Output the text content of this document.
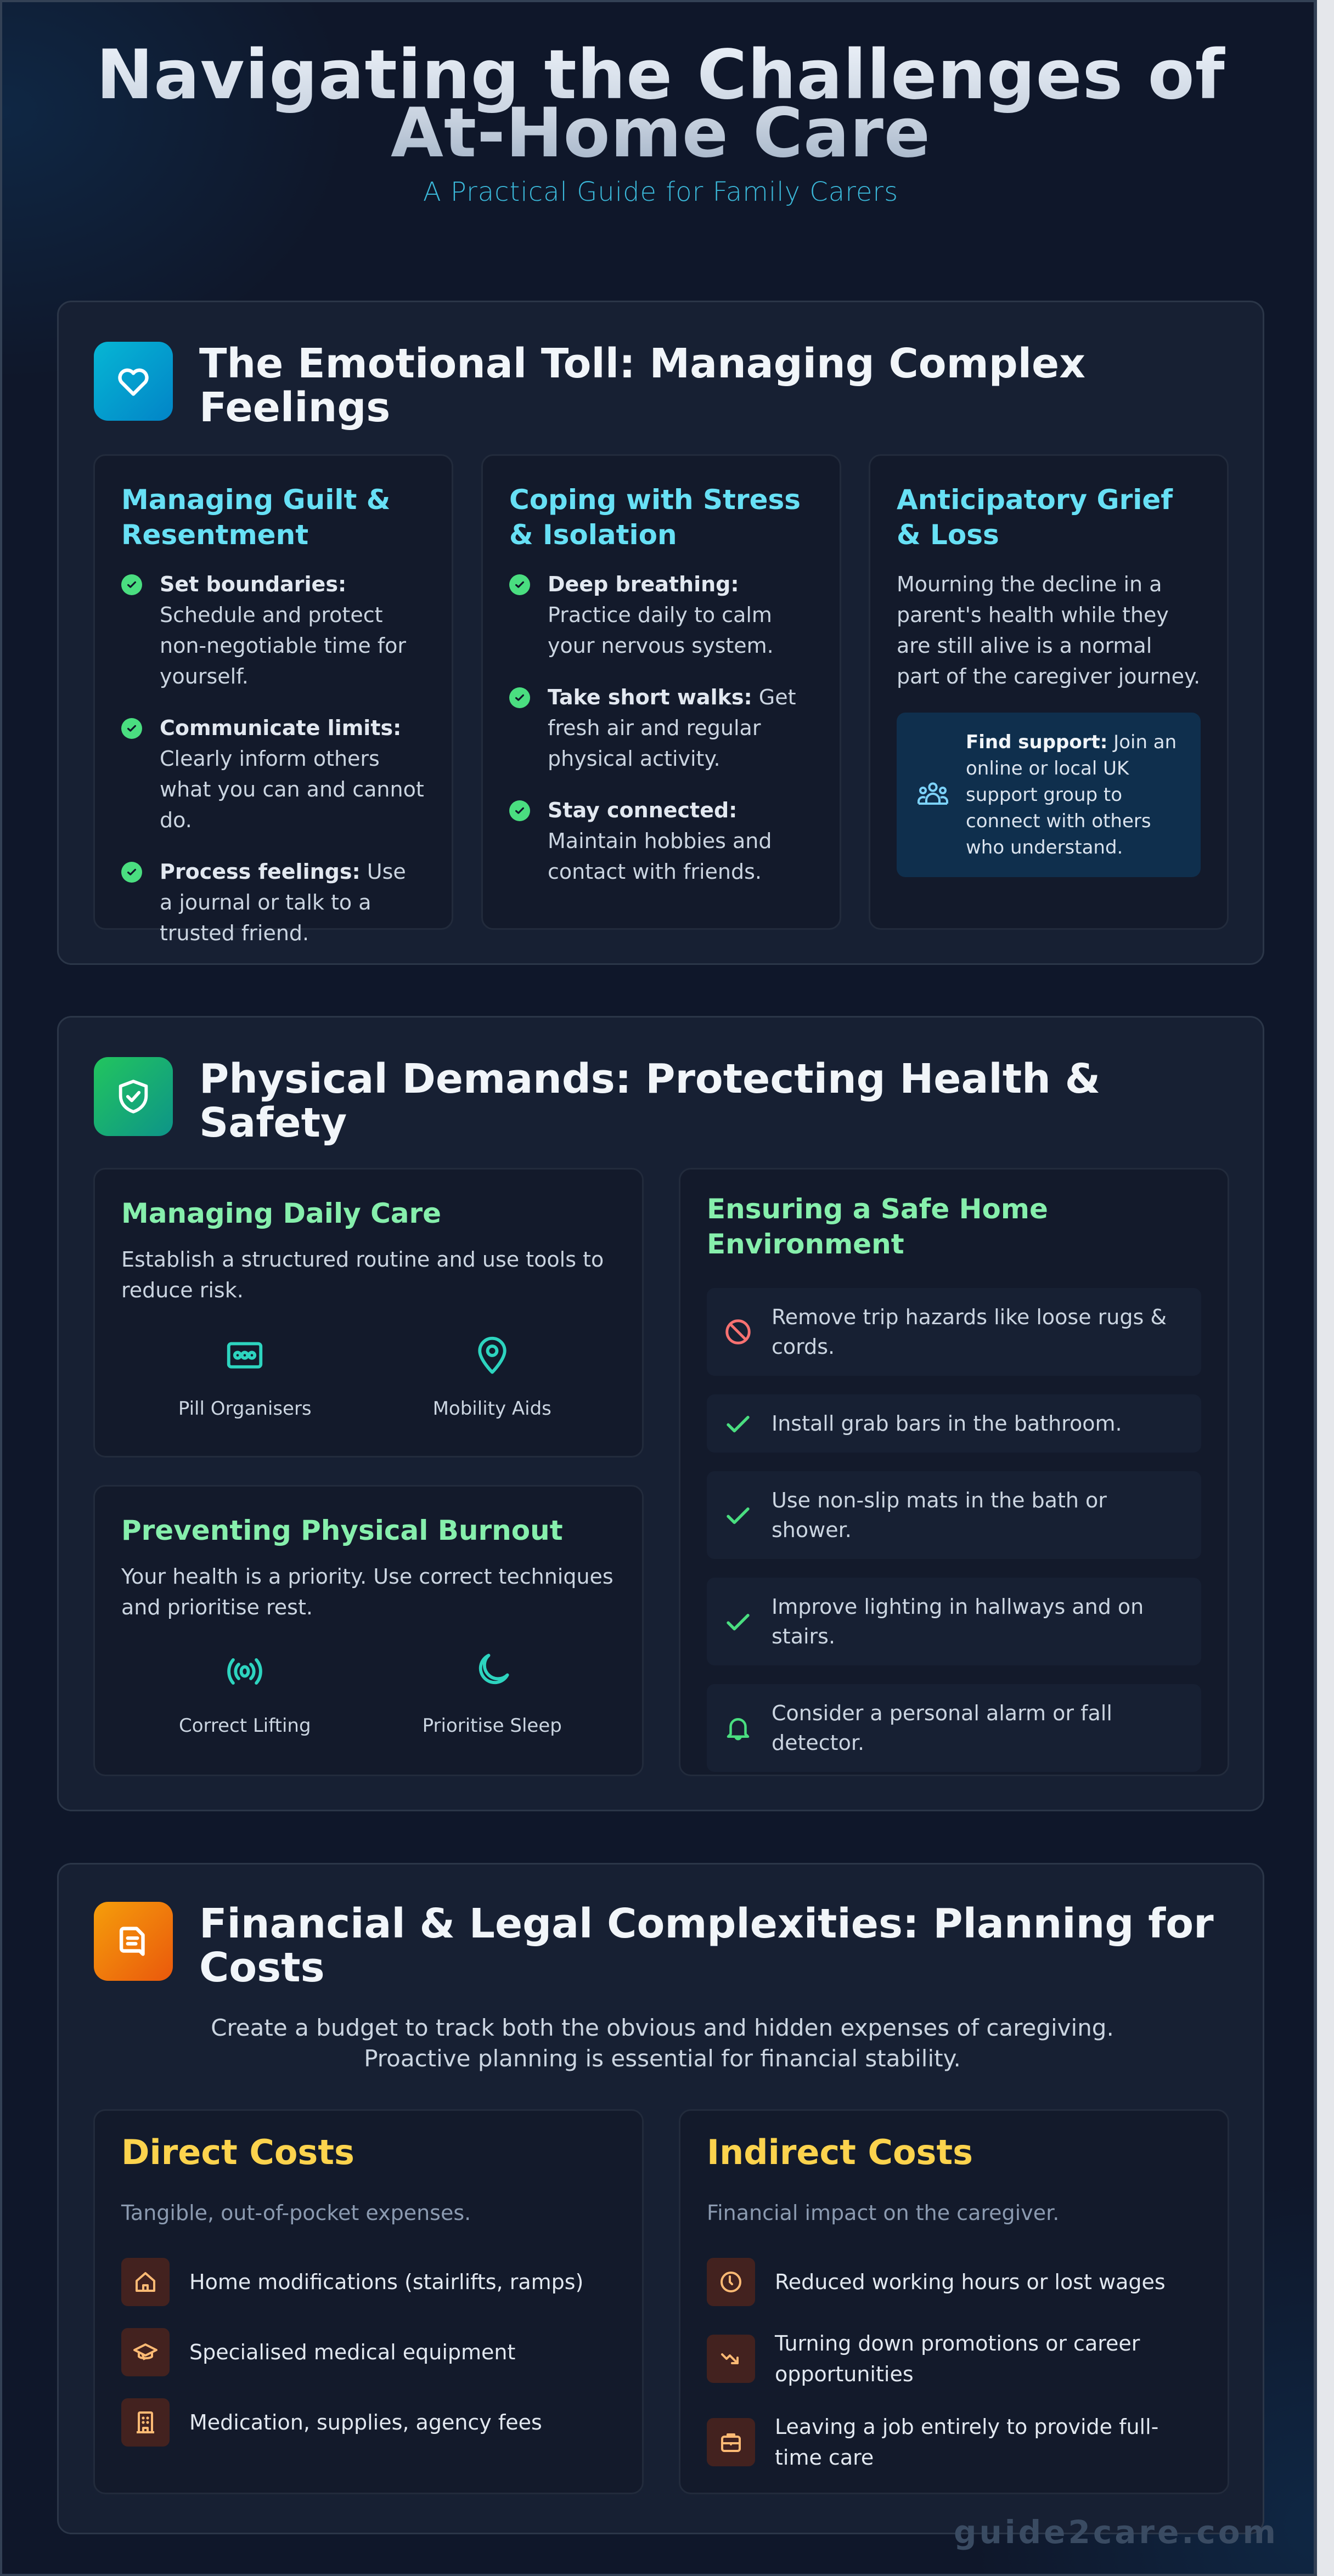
Navigating the Challenges of
At-Home Care
A Practical Guide for Family Carers
The Emotional Toll: Managing Complex Feelings
Managing Guilt & Resentment
Set boundaries: Schedule and protect non-negotiable time for yourself.
Communicate limits: Clearly inform others what you can and cannot do.
Process feelings: Use a journal or talk to a trusted friend.
Coping with Stress & Isolation
Deep breathing: Practice daily to calm your nervous system.
Take short walks: Get fresh air and regular physical activity.
Stay connected: Maintain hobbies and contact with friends.
Anticipatory Grief & Loss

Mourning the decline in a parent's health while they are still alive is a normal part of the caregiver journey.

Find support: Join an online or local UK support group to connect with others who understand.
Physical Demands: Protecting Health & Safety
Managing Daily Care

Establish a structured routine and use tools to reduce risk.

Pill Organisers	Mobility Aids
Preventing Physical Burnout

Your health is a priority. Use correct techniques and prioritise rest.

Correct Lifting	Prioritise Sleep
Ensuring a Safe Home Environment
Remove trip hazards like loose rugs & cords.
Install grab bars in the bathroom.
Use non-slip mats in the bath or shower.
Improve lighting in hallways and on stairs.
Consider a personal alarm or fall detector.
Financial & Legal Complexities: Planning for Costs

Create a budget to track both the obvious and hidden expenses of caregiving. Proactive planning is essential for financial stability.

Direct Costs

Tangible, out-of-pocket expenses.

Home modifications (stairlifts, ramps)
Specialised medical equipment
Medication, supplies, agency fees
Indirect Costs

Financial impact on the caregiver.

Reduced working hours or lost wages
Turning down promotions or career opportunities
Leaving a job entirely to provide full-time care
guide2care.com
